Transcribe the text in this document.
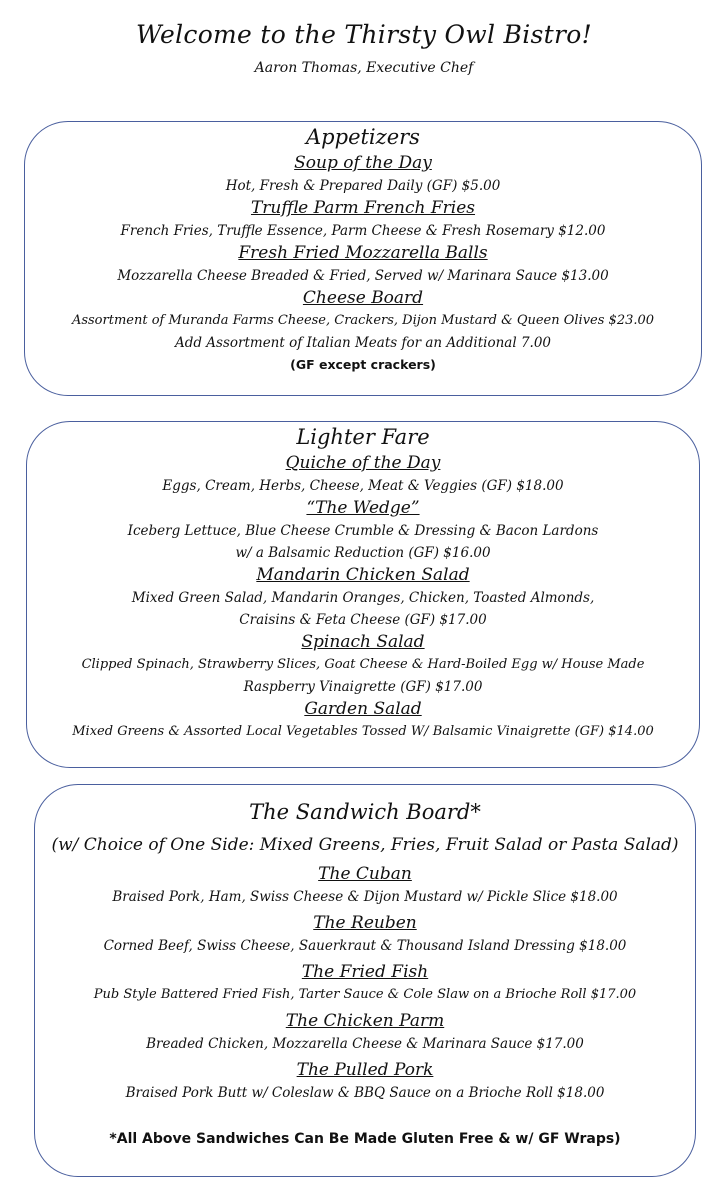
Welcome to the Thirsty Owl Bistro!
Aaron Thomas, Executive Chef
Appetizers
Soup of the Day
Hot, Fresh & Prepared Daily (GF) $5.00
Truffle Parm French Fries
French Fries, Truffle Essence, Parm Cheese & Fresh Rosemary $12.00
Fresh Fried Mozzarella Balls
Mozzarella Cheese Breaded & Fried, Served w/ Marinara Sauce $13.00
Cheese Board
Assortment of Muranda Farms Cheese, Crackers, Dijon Mustard & Queen Olives $23.00
Add Assortment of Italian Meats for an Additional 7.00
(GF except crackers)
Lighter Fare
Quiche of the Day
Eggs, Cream, Herbs, Cheese, Meat & Veggies (GF) $18.00
“The Wedge”
Iceberg Lettuce, Blue Cheese Crumble & Dressing & Bacon Lardons
w/ a Balsamic Reduction (GF) $16.00
Mandarin Chicken Salad
Mixed Green Salad, Mandarin Oranges, Chicken, Toasted Almonds,
Craisins & Feta Cheese (GF) $17.00
Spinach Salad
Clipped Spinach, Strawberry Slices, Goat Cheese & Hard-Boiled Egg w/ House Made
Raspberry Vinaigrette (GF) $17.00
Garden Salad
Mixed Greens & Assorted Local Vegetables Tossed W/ Balsamic Vinaigrette (GF) $14.00
The Sandwich Board*
(w/ Choice of One Side: Mixed Greens, Fries, Fruit Salad or Pasta Salad)
The Cuban
Braised Pork, Ham, Swiss Cheese & Dijon Mustard w/ Pickle Slice $18.00
The Reuben
Corned Beef, Swiss Cheese, Sauerkraut & Thousand Island Dressing $18.00
The Fried Fish
Pub Style Battered Fried Fish, Tarter Sauce & Cole Slaw on a Brioche Roll $17.00
The Chicken Parm
Breaded Chicken, Mozzarella Cheese & Marinara Sauce $17.00
The Pulled Pork
Braised Pork Butt w/ Coleslaw & BBQ Sauce on a Brioche Roll $18.00
*All Above Sandwiches Can Be Made Gluten Free & w/ GF Wraps)
